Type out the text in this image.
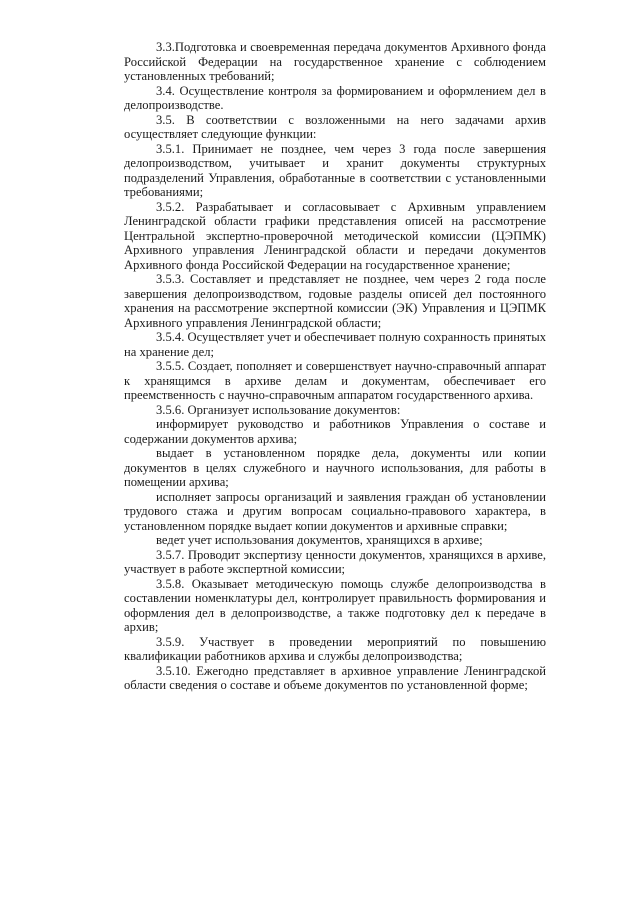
3.3.Подготовка и своевременная передача документов Архивного фонда Российской Федерации на государственное хранение с соблюдением установленных требований;

3.4. Осуществление контроля за формированием и оформлением дел в делопроизводстве.

3.5. В соответствии с возложенными на него задачами архив осуществляет следующие функции:

3.5.1. Принимает не позднее, чем через 3 года после завершения делопроизводством, учитывает и хранит документы структурных подразделений Управления, обработанные в соответствии с установленными требованиями;

3.5.2. Разрабатывает и согласовывает с Архивным управлением Ленинградской области графики представления описей на рассмотрение Центральной экспертно-проверочной методической комиссии (ЦЭПМК) Архивного управления Ленинградской области и передачи документов Архивного фонда Российской Федерации на государственное хранение;

3.5.3. Составляет и представляет не позднее, чем через 2 года после завершения делопроизводством, годовые разделы описей дел постоянного хранения на рассмотрение экспертной комиссии (ЭК) Управления и ЦЭПМК Архивного управления Ленинградской области;

3.5.4. Осуществляет учет и обеспечивает полную сохранность принятых на хранение дел;

3.5.5. Создает, пополняет и совершенствует научно-справочный аппарат к хранящимся в архиве делам и документам, обеспечивает его преемственность с научно-справочным аппаратом государственного архива.

3.5.6. Организует использование документов:

информирует руководство и работников Управления о составе и содержании документов архива;

выдает в установленном порядке дела, документы или копии документов в целях служебного и научного использования, для работы в помещении архива;

исполняет запросы организаций и заявления граждан об установлении трудового стажа и другим вопросам социально-правового характера, в установленном порядке выдает копии документов и архивные справки;

ведет учет использования документов, хранящихся в архиве;

3.5.7. Проводит экспертизу ценности документов, хранящихся в архиве, участвует в работе экспертной комиссии;

3.5.8. Оказывает методическую помощь службе делопроизводства в составлении номенклатуры дел, контролирует правильность формирования и оформления дел в делопроизводстве, а также подготовку дел к передаче в архив;

3.5.9. Участвует в проведении мероприятий по повышению квалификации работников архива и службы делопроизводства;

3.5.10. Ежегодно представляет в архивное управление Ленинградской области сведения о составе и объеме документов по установленной форме;
